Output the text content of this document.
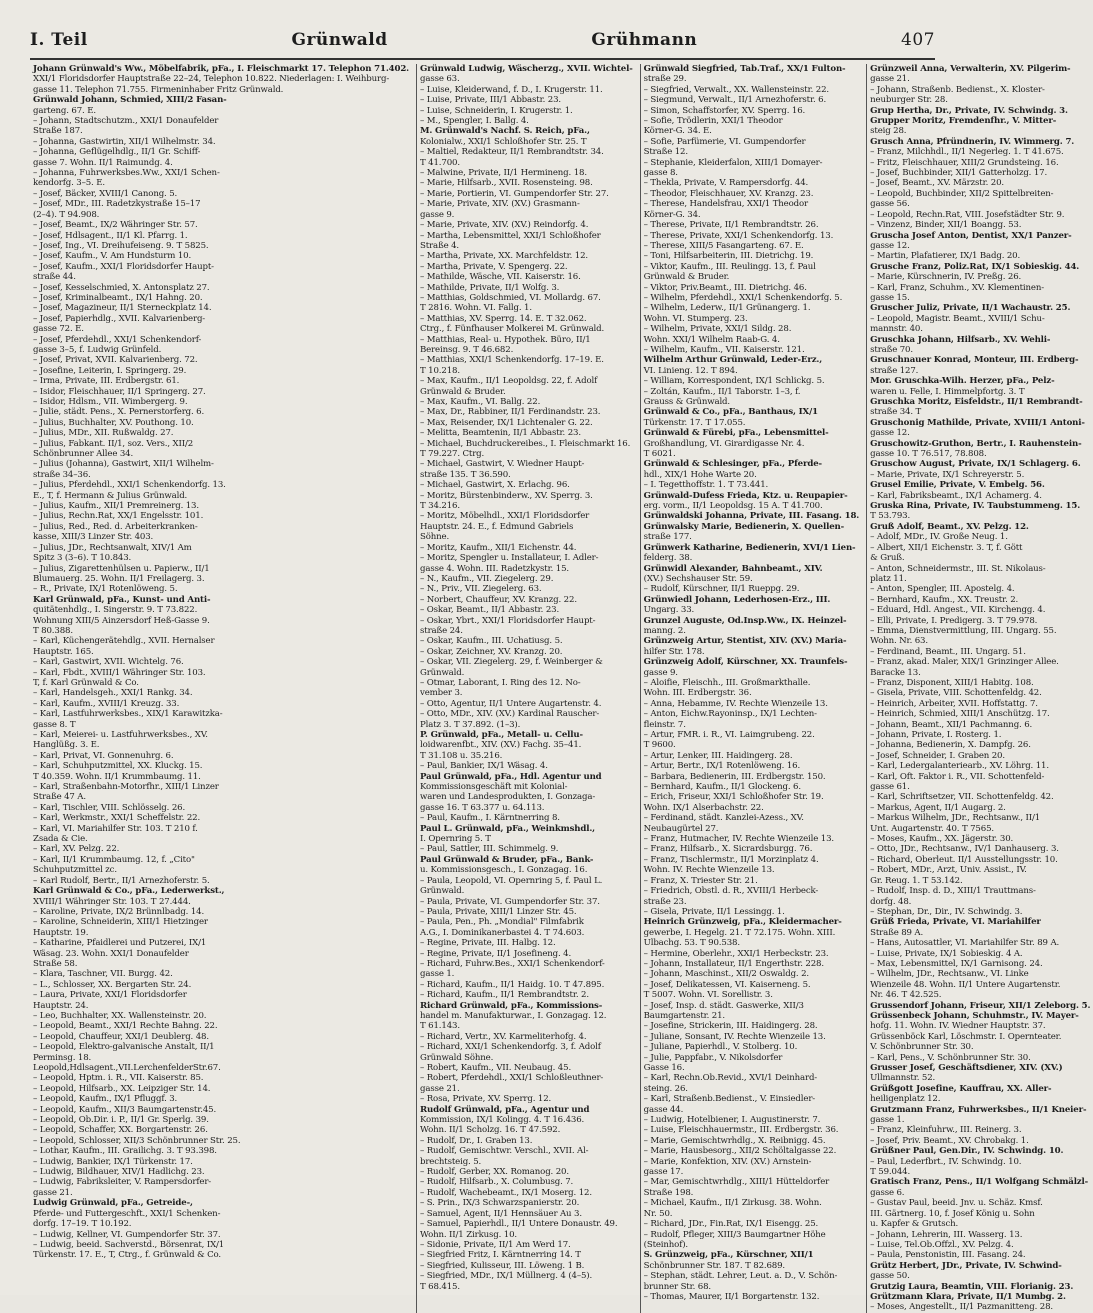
I. Teil	Grünwald	Grühmann	407

Johann Grünwald's Ww., Möbelfabrik, pFa., I. Fleischmarkt 17. Telephon 71.402.

XXI/1 Floridsdorfer Hauptstraße 22–24, Telephon 10.822. Niederlagen: I. Weihburg-

gasse 11. Telephon 71.755. Firmeninhaber Fritz Grünwald.

Grünwald Johann, Schmied, XIII/2 Fasan-

garteng. 67. E.

– Johann, Stadtschutzm., XXI/1 Donaufelder

Straße 187.

– Johanna, Gastwirtin, XII/1 Wilhelmstr. 34.

– Johanna, Geflügelhdlg., II/1 Gr. Schiff-

gasse 7. Wohn. II/1 Raimundg. 4.

– Johanna, Fuhrwerksbes.Ww., XXI/1 Schen-

kendorfg. 3–5. E.

– Josef, Bäcker, XVIII/1 Canong. 5.

– Josef, MDr., III. Radetzkystraße 15–17

(2–4). T 94.908.

– Josef, Beamt., IX/2 Währinger Str. 57.

– Josef, Hdlsagent., II/1 Kl. Pfarrg. 1.

– Josef, Ing., VI. Dreihufeiseng. 9. T 5825.

– Josef, Kaufm., V. Am Hundsturm 10.

– Josef, Kaufm., XXI/1 Floridsdorfer Haupt-

straße 44.

– Josef, Kesselschmied, X. Antonsplatz 27.

– Josef, Kriminalbeamt., IX/1 Hahng. 20.

– Josef, Magazineur, II/1 Sterneckplatz 14.

– Josef, Papierhdlg., XVII. Kalvarienberg-

gasse 72. E.

– Josef, Pferdehdl., XXI/1 Schenkendorf-

gasse 3–5, f. Ludwig Grünfeld.

– Josef, Privat, XVII. Kalvarienberg. 72.

– Josefine, Leiterin, I. Springerg. 29.

– Irma, Private, III. Erdbergstr. 61.

– Isidor, Fleischhauer, II/1 Springerg. 27.

– Isidor, Hdlsm., VII. Wimbergerg. 9.

– Julie, städt. Pens., X. Pernerstorferg. 6.

– Julius, Buchhalter, XV. Pouthong. 10.

– Julius, MDr., XII. Rußwaldg. 27.

– Julius, Fabkant. II/1, soz. Vers., XII/2

Schönbrunner Allee 34.

– Julius (Johanna), Gastwirt, XII/1 Wilhelm-

straße 34–36.

– Julius, Pferdehdl., XXI/1 Schenkendorfg. 13.

E., T, f. Hermann & Julius Grünwald.

– Julius, Kaufm., XII/1 Premreinerg. 13.

– Julius, Rechn.Rat, XX/1 Engelsstr. 101.

– Julius, Red., Red. d. Arbeiterkranken-

kasse, XIII/3 Linzer Str. 403.

– Julius, JDr., Rechtsanwalt, XIV/1 Am

Spitz 3 (3–6). T 10.843.

– Julius, Zigarettenhülsen u. Papierw., II/1

Blumauerg. 25. Wohn. II/1 Freilagerg. 3.

– R., Private, IX/1 Rotenlöweng. 5.

Karl Grünwald, pFa., Kunst- und Anti-

quitätenhdlg., I. Singerstr. 9. T 73.822.

Wohnung XIII/5 Ainzersdorf Heß-Gasse 9.

T 80.388.

– Karl, Küchengerätehdlg., XVII. Hernalser

Hauptstr. 165.

– Karl, Gastwirt, XVII. Wichtelg. 76.

– Karl, Fbdt., XVIII/1 Währinger Str. 103.

T, f. Karl Grünwald & Co.

– Karl, Handelsgeh., XXI/1 Rankg. 34.

– Karl, Kaufm., XVIII/1 Kreuzg. 33.

– Karl, Lastfuhrwerksbes., XIX/1 Karawitzka-

gasse 8. T

– Karl, Meierei- u. Lastfuhrwerksbes., XV.

Hanglüßg. 3. E.

– Karl, Privat, VI. Gonnenuhrg. 6.

– Karl, Schuhputzmittel, XX. Kluckg. 15.

T 40.359. Wohn. II/1 Krummbaumg. 11.

– Karl, Straßenbahn-Motorfhr., XIII/1 Linzer

Straße 47 A.

– Karl, Tischler, VIII. Schlösselg. 26.

– Karl, Werkmstr., XXI/1 Scheffelstr. 22.

– Karl, VI. Mariahilfer Str. 103. T 210 f.

Zsada & Cie.

– Karl, XV. Pelzg. 22.

– Karl, II/1 Krummbaumg. 12, f. „Cito"

Schuhputzmittel zc.

– Karl Rudolf, Bertr., II/1 Arnezhoferstr. 5.

Karl Grünwald & Co., pFa., Lederwerkst.,

XVIII/1 Währinger Str. 103. T 27.444.

– Karoline, Private, IX/2 Brünnlbadg. 14.

– Karoline, Schneiderin, XIII/1 Hietzinger

Hauptstr. 19.

– Katharine, Pfaidlerei und Putzerei, IX/1

Wäsag. 23. Wohn. XXI/1 Donaufelder

Straße 58.

– Klara, Taschner, VII. Burgg. 42.

– L., Schlosser, XX. Bergarten Str. 24.

– Laura, Private, XXI/1 Floridsdorfer

Hauptstr. 24.

– Leo, Buchhalter, XX. Wallensteinstr. 20.

– Leopold, Beamt., XXI/1 Rechte Bahng. 22.

– Leopold, Chauffeur, XXI/1 Deublerg. 48.

– Leopold, Elektro-galvanische Anstalt, II/1

Perminsg. 18.

Leopold,Hdlsagent.,VII.LerchenfelderStr.67.

– Leopold, Hptm. i. R., VII. Kaiserstr. 85.

– Leopold, Hilfsarb., XX. Leipziger Str. 14.

– Leopold, Kaufm., IX/1 Pfluggf. 3.

– Leopold, Kaufm., XII/3 Baumgartenstr.45.

– Leopold, Ob.Dir. i. P., II/1 Gr. Sperlg. 39.

– Leopold, Schaffer, XX. Borgartenstr. 26.

– Leopold, Schlosser, XII/3 Schönbrunner Str. 25.

– Lothar, Kaufm., III. Grailichg. 3. T 93.398.

– Ludwig, Bankier, IX/1 Türkenstr. 17.

– Ludwig, Bildhauer, XIV/1 Hadlichg. 23.

– Ludwig, Fabriksleiter, V. Rampersdorfer-

gasse 21.

Ludwig Grünwald, pFa., Getreide-,

Pferde- und Futtergeschft., XXI/1 Schenken-

dorfg. 17–19. T 10.192.

– Ludwig, Kellner, VI. Gumpendorfer Str. 37.

– Ludwig, beeid. Sachverstd., Börsenrat, IX/1

Türkenstr. 17. E., T, Ctrg., f. Grünwald & Co.

Grünwald Ludwig, Wäscherzg., XVII. Wichtel-

gasse 63.

– Luise, Kleiderwand, f. D., I. Krugerstr. 11.

– Luise, Private, III/1 Abbastr. 23.

– Luise, Schneiderin, I. Krugerstr. 1.

– M., Spengler, I. Ballg. 4.

M. Grünwald's Nachf. S. Reich, pFa.,

Kolonialw., XXI/1 Schloßhofer Str. 25. T

– Maltiel, Redakteur, II/1 Rembrandtstr. 34.

T 41.700.

– Malwine, Private, II/1 Hermineng. 18.

– Marie, Hilfsarb., XVII. Rosensteing. 98.

– Marie, Portierin, VI. Gumpendorfer Str. 27.

– Marie, Private, XIV. (XV.) Grasmann-

gasse 9.

– Marie, Private, XIV. (XV.) Reindorfg. 4.

– Martha, Lebensmittel, XXI/1 Schloßhofer

Straße 4.

– Martha, Private, XX. Marchfeldstr. 12.

– Martha, Private, V. Spengerg. 22.

– Mathilde, Wäsche, VII. Kaiserstr. 16.

– Mathilde, Private, II/1 Wolfg. 3.

– Matthias, Goldschmied, VI. Mollardg. 67.

T 2816. Wohn. VI. Fallg. 1.

– Matthias, XV. Sperrg. 14. E. T 32.062.

Ctrg., f. Fünfhauser Molkerei M. Grünwald.

– Matthias, Real- u. Hypothek. Büro, II/1

Bereinsg. 9. T 46.682.

– Matthias, XXI/1 Schenkendorfg. 17–19. E.

T 10.218.

– Max, Kaufm., II/1 Leopoldsg. 22, f. Adolf

Grünwald & Bruder.

– Max, Kaufm., VI. Ballg. 22.

– Max, Dr., Rabbiner, II/1 Ferdinandstr. 23.

– Max, Reisender, IX/1 Lichtenaler G. 22.

– Melitta, Beamtenin, II/1 Abbastr. 23.

– Michael, Buchdruckereibes., I. Fleischmarkt 16.

T 79.227. Ctrg.

– Michael, Gastwirt, V. Wiedner Haupt-

straße 135. T 36.590.

– Michael, Gastwirt, X. Erlachg. 96.

– Moritz, Bürstenbinderw., XV. Sperrg. 3.

T 34.216.

– Moritz, Möbelhdl., XXI/1 Floridsdorfer

Hauptstr. 24. E., f. Edmund Gabriels

Söhne.

– Moritz, Kaufm., XII/1 Eichenstr. 44.

– Moritz, Spengler u. Installateur, I. Adler-

gasse 4. Wohn. III. Radetzkystr. 15.

– N., Kaufm., VII. Ziegelerg. 29.

– N., Priv., VII. Ziegelerg. 63.

– Norbert, Chauffeur, XV. Kranzg. 22.

– Oskar, Beamt., II/1 Abbastr. 23.

– Oskar, Ybrt., XXI/1 Floridsdorfer Haupt-

straße 24.

– Oskar, Kaufm., III. Uchatiusg. 5.

– Oskar, Zeichner, XV. Kranzg. 20.

– Oskar, VII. Ziegelerg. 29, f. Weinberger &

Grünwald.

– Otmar, Laborant, I. Ring des 12. No-

vember 3.

– Otto, Agentur, II/1 Untere Augartenstr. 4.

– Otto, MDr., XIV. (XV.) Kardinal Rauscher-

Platz 3. T 37.892. (1–3).

P. Grünwald, pFa., Metall- u. Cellu-

loidwarenfbt., XIV. (XV.) Fachg. 35–41.

T 31.108 u. 35.216.

– Paul, Bankier, IX/1 Wäsag. 4.

Paul Grünwald, pFa., Hdl. Agentur und

Kommissionsgeschäft mit Kolonial-

waren und Landesprodukten, I. Gonzaga-

gasse 16. T 63.377 u. 64.113.

– Paul, Kaufm., I. Kärntnerring 8.

Paul L. Grünwald, pFa., Weinkmshdl.,

I. Opernring 5. T

– Paul, Sattler, III. Schimmelg. 9.

Paul Grünwald & Bruder, pFa., Bank-

u. Kommissionsgesch., I. Gonzagag. 16.

– Paula, Leopold, VI. Opernring 5, f. Paul L.

Grünwald.

– Paula, Private, VI. Gumpendorfer Str. 37.

– Paula, Private, XIII/1 Linzer Str. 45.

– Paula, Pen., Ph. „Mondial" Filmfabrik

A.G., I. Dominikanerbastei 4. T 74.603.

– Regine, Private, III. Halbg. 12.

– Regine, Private, II/1 Josefineng. 4.

– Richard, Fuhrw.Bes., XXI/1 Schenkendorf-

gasse 1.

– Richard, Kaufm., II/1 Haidg. 10. T 47.895.

– Richard, Kaufm., II/1 Rembrandtstr. 2.

Richard Grünwald, pFa., Kommissions-

handel m. Manufakturwar., I. Gonzagag. 12.

T 61.143.

– Richard, Vertr., XV. Karmeliterhofg. 4.

– Richard, XXI/1 Schenkendorfg. 3, f. Adolf

Grünwald Söhne.

– Robert, Kaufm., VII. Neubaug. 45.

– Robert, Pferdehdl., XXI/1 Schloßleuthner-

gasse 21.

– Rosa, Private, XV. Sperrg. 12.

Rudolf Grünwald, pFa., Agentur und

Kommission, IX/1 Kolingg. 4. T 16.436.

Wohn. II/1 Scholzg. 16. T 47.592.

– Rudolf, Dr., I. Graben 13.

– Rudolf, Gemischtwr. Verschl., XVII. Al-

brechtsteig. 5.

– Rudolf, Gerber, XX. Romanog. 20.

– Rudolf, Hilfsarb., X. Columbusg. 7.

– Rudolf, Wachebeamt., IX/1 Moserg. 12.

– S. Prin., IX/3 Schwarzspanierstr. 20.

– Samuel, Agent, II/1 Hennsäuer Au 3.

– Samuel, Papierhdl., II/1 Untere Donaustr. 49.

Wohn. II/1 Zirkusg. 10.

– Sidonie, Private, II/1 Am Werd 17.

– Siegfried Fritz, I. Kärntnerring 14. T

– Siegfried, Kulisseur, III. Löweng. 1 B.

– Siegfried, MDr., IX/1 Müllnerg. 4 (4–5).

T 68.415.

Grünwald Siegfried, Tab.Traf., XX/1 Fulton-

straße 29.

– Siegfried, Verwalt., XX. Wallensteinstr. 22.

– Siegmund, Verwalt., II/1 Arnezhoferstr. 6.

– Simon, Schaffstorfer, XV. Sperrg. 16.

– Sofie, Trödlerin, XXI/1 Theodor

Körner-G. 34. E.

– Sofie, Parfümerie, VI. Gumpendorfer

Straße 12.

– Stephanie, Kleiderfalon, XIII/1 Domayer-

gasse 8.

– Thekla, Private, V. Rampersdorfg. 44.

– Theodor, Fleischhauer, XV. Kranzg. 23.

– Therese, Handelsfrau, XXI/1 Theodor

Körner-G. 34.

– Therese, Private, II/1 Rembrandtstr. 26.

– Therese, Private, XXI/1 Schenkendorfg. 13.

– Therese, XIII/5 Fasangarteng. 67. E.

– Toni, Hilfsarbeiterin, III. Dietrichg. 19.

– Viktor, Kaufm., III. Reulingg. 13, f. Paul

Grünwald & Bruder.

– Viktor, Priv.Beamt., III. Dietrichg. 46.

– Wilhelm, Pferdehdl., XXI/1 Schenkendorfg. 5.

– Wilhelm, Lederw., II/1 Grünangerg. 1.

Wohn. VI. Stumperg. 23.

– Wilhelm, Private, XXI/1 Sildg. 28.

Wohn. XXI/1 Wilhelm Raab-G. 4.

– Wilhelm, Kaufm., VII. Kaiserstr. 121.

Wilhelm Arthur Grünwald, Leder-Erz.,

VI. Linieng. 12. T 894.

– William, Korrespondent, IX/1 Schlickg. 5.

– Zoltán, Kaufm., II/1 Taborstr. 1–3, f.

Grauss & Grünwald.

Grünwald & Co., pFa., Banthaus, IX/1

Türkenstr. 17. T 17.055.

Grünwald & Fürebi, pFa., Lebensmittel-

Großhandlung, VI. Girardigasse Nr. 4.

T 6021.

Grünwald & Schlesinger, pFa., Pferde-

hdl., XIX/1 Hohe Warte 20.

– I. Tegetthoffstr. 1. T 73.441.

Grünwald-Dufess Frieda, Ktz. u. Reupapier-

erg. vorm., II/1 Leopoldsg. 15 A. T 41.700.

Grünwaldski Johanna, Private, III. Fasang. 18.

Grünwalsky Marie, Bedienerin, X. Quellen-

straße 177.

Grünwerk Katharine, Bedienerin, XVI/1 Lien-

felderg. 38.

Grünwidl Alexander, Bahnbeamt., XIV.

(XV.) Sechshauser Str. 59.

– Rudolf, Kürschner, II/1 Rueppg. 29.

Grünwiedl Johann, Lederhosen-Erz., III.

Ungarg. 33.

Grunzel Auguste, Od.Insp.Ww., IX. Heinzel-

manng. 2.

Grünzweig Artur, Stentist, XIV. (XV.) Maria-

hilfer Str. 178.

Grünzweig Adolf, Kürschner, XX. Traunfels-

gasse 9.

– Aloifie, Fleischh., III. Großmarkthalle.

Wohn. III. Erdbergstr. 36.

– Anna, Hebamme, IV. Rechte Wienzeile 13.

– Anton, Eichw.Rayoninsp., IX/1 Lechten-

fleinstr. 7.

– Artur, FMR. i. R., VI. Laimgrubeng. 22.

T 9600.

– Artur, Lenker, III. Haidingerg. 28.

– Artur, Bertr., IX/1 Rotenlöweng. 16.

– Barbara, Bedienerin, III. Erdbergstr. 150.

– Bernhard, Kaufm., II/1 Glockeng. 6.

– Erich, Friseur, XXI/1 Schloßhofer Str. 19.

Wohn. IX/1 Alserbachstr. 22.

– Ferdinand, städt. Kanzlei-Azess., XV.

Neubaugürtel 27.

– Franz, Hutmacher, IV. Rechte Wienzeile 13.

– Franz, Hilfsarb., X. Sicrardsburgg. 76.

– Franz, Tischlermstr., II/1 Morzinplatz 4.

Wohn. IV. Rechte Wienzeile 13.

– Franz, X. Triester Str. 21.

– Friedrich, Obstl. d. R., XVIII/1 Herbeck-

straße 23.

– Gisela, Private, II/1 Lessingg. 1.

Heinrich Grünzweig, pFa., Kleidermacher-

gewerbe, I. Hegelg. 21. T 72.175. Wohn. XIII.

Ulbachg. 53. T 90.538.

– Hermine, Oberlehr., XXI/1 Herbeckstr. 23.

– Johann, Installateur, II/1 Engerthstr. 228.

– Johann, Maschinst., XII/2 Oswaldg. 2.

– Josef, Delikatessen, VI. Kaiserneng. 5.

T 5007. Wohn. VI. Sorellistr. 3.

– Josef, Insp. d. städt. Gaswerke, XII/3

Baumgartenstr. 21.

– Josefine, Strickerin, III. Haidingerg. 28.

– Juliane, Sonsant, IV. Rechte Wienzeile 13.

– Juliane, Papierhdl., V. Stolberg. 10.

– Julie, Pappfabr., V. Nikolsdorfer

Gasse 16.

– Karl, Rechn.Ob.Revid., XVI/1 Deinhard-

steing. 26.

– Karl, Straßenb.Bedienst., V. Einsiedler-

gasse 44.

– Ludwig, Hotelbiener, I. Augustinerstr. 7.

– Luise, Fleischhauermstr., III. Erdbergstr. 36.

– Marie, Gemischtwrhdlg., X. Reibnigg. 45.

– Marie, Hausbesorg., XII/2 Schöltalgasse 22.

– Marie, Konfektion, XIV. (XV.) Arnstein-

gasse 17.

– Mar, Gemischtwrhdlg., XIII/1 Hütteldorfer

Straße 198.

– Michael, Kaufm., II/1 Zirkusg. 38. Wohn.

Nr. 50.

– Richard, JDr., Fin.Rat, IX/1 Eisengg. 25.

– Rudolf, Pfleger, XIII/3 Baumgartner Höhe

(Steinhof).

S. Grünzweig, pFa., Kürschner, XII/1

Schönbrunner Str. 187. T 82.689.

– Stephan, städt. Lehrer, Leut. a. D., V. Schön-

brunner Str. 68.

– Thomas, Maurer, II/1 Borgartenstr. 132.

Grünzweil Anna, Verwalterin, XV. Pilgerim-

gasse 21.

– Johann, Straßenb. Bedienst., X. Kloster-

neuburger Str. 28.

Grup Hertha, Dr., Private, IV. Schwindg. 3.

Grupper Moritz, Fremdenfhr., V. Mitter-

steig 28.

Grusch Anna, Pfründnerin, IV. Wimmerg. 7.

– Franz, Milchhdl., II/1 Negerleg. 1. T 41.675.

– Fritz, Fleischhauer, XIII/2 Grundsteing. 16.

– Josef, Buchbinder, XII/1 Gatterholzg. 17.

– Josef, Beamt., XV. Märzstr. 20.

– Leopold, Buchbinder, XII/2 Spittelbreiten-

gasse 56.

– Leopold, Rechn.Rat, VIII. Josefstädter Str. 9.

– Vinzenz, Binder, XII/1 Boangg. 53.

Gruscha Josef Anton, Dentist, XX/1 Panzer-

gasse 12.

– Martin, Plafatierer, IX/1 Badg. 20.

Grusche Franz, Poliz.Rat, IX/1 Sobieskig. 44.

– Marie, Kürschnerin, IV. Preßg. 26.

– Karl, Franz, Schuhm., XV. Klementinen-

gasse 15.

Gruscher Juliz, Private, II/1 Wachaustr. 25.

– Leopold, Magistr. Beamt., XVIII/1 Schu-

mannstr. 40.

Gruschka Johann, Hilfsarb., XV. Wehli-

straße 70.

Gruschnauer Konrad, Monteur, III. Erdberg-

straße 127.

Mor. Gruschka-Wilh. Herzer, pFa., Pelz-

waren u. Felle, I. Himmelpfortg. 3. T

Gruschka Moritz, Eisfeldstr., II/1 Rembrandt-

straße 34. T

Gruschonig Mathilde, Private, XVIII/1 Antoni-

gasse 12.

Gruschowitz-Gruthon, Bertr., I. Rauhenstein-

gasse 10. T 76.517, 78.808.

Gruschow August, Private, IX/1 Schlagerg. 6.

– Marie, Private, IX/1 Schreyerstr. 5.

Grusel Emilie, Private, V. Embelg. 56.

– Karl, Fabriksbeamt., IX/1 Achamerg. 4.

Gruska Rina, Private, IV. Taubstummeng. 15.

T 53.793.

Gruß Adolf, Beamt., XV. Pelzg. 12.

– Adolf, MDr., IV. Große Neug. 1.

– Albert, XII/1 Eichenstr. 3. T, f. Gött

& Gruß.

– Anton, Schneidermstr., III. St. Nikolaus-

platz 11.

– Anton, Spengler, III. Apostelg. 4.

– Bernhard, Kaufm., XX. Treustr. 2.

– Eduard, Hdl. Angest., VII. Kirchengg. 4.

– Elli, Private, I. Predigerg. 3. T 79.978.

– Emma, Dienstvermittlung, III. Ungarg. 55.

Wohn. Nr. 63.

– Ferdinand, Beamt., III. Ungarg. 51.

– Franz, akad. Maler, XIX/1 Grinzinger Allee.

Baracke 13.

– Franz, Disponent, XIII/1 Habitg. 108.

– Gisela, Private, VIII. Schottenfeldg. 42.

– Heinrich, Arbeiter, XVII. Hoffstattg. 7.

– Heinrich, Schmied, XIII/1 Anschützg. 17.

– Johann, Beamt., XII/1 Pachmanng. 6.

– Johann, Private, I. Rosterg. 1.

– Johanna, Bedienerin, X. Dampfg. 26.

– Josef, Schneider, I. Graben 20.

– Karl, Ledergalanteriearb., XV. Löhrg. 11.

– Karl, Oft. Faktor i. R., VII. Schottenfeld-

gasse 61.

– Karl, Schriftsetzer, VII. Schottenfeldg. 42.

– Markus, Agent, II/1 Augarg. 2.

– Markus Wilhelm, JDr., Rechtsanw., II/1

Unt. Augartenstr. 40. T 7565.

– Moses, Kaufm., XX. Jägerstr. 30.

– Otto, JDr., Rechtsanw., IV/1 Danhauserg. 3.

– Richard, Oberleut. II/1 Ausstellungsstr. 10.

– Robert, MDr., Arzt, Univ. Assist., IV.

Gr. Reug. 1. T 53.142.

– Rudolf, Insp. d. D., XIII/1 Trauttmans-

dorfg. 48.

– Stephan, Dr., Dir., IV. Schwindg. 3.

Grüß Frieda, Private, VI. Mariahilfer

Straße 89 A.

– Hans, Autosattler, VI. Mariahilfer Str. 89 A.

– Luise, Private, IX/1 Sobieskig. 4 A.

– Max, Lebensmittel, IX/1 Garnisong. 24.

– Wilhelm, JDr., Rechtsanw., VI. Linke

Wienzeile 48. Wohn. II/1 Untere Augartenstr.

Nr. 46. T 42.525.

Grussendorf Johann, Friseur, XII/1 Zeleborg. 5.

Grüssenbeck Johann, Schuhmstr., IV. Mayer-

hofg. 11. Wohn. IV. Wiedner Hauptstr. 37.

Grüssenböck Karl, Löschmstr. I. Opernteater.

V. Schönbrunner Str. 30.

– Karl, Pens., V. Schönbrunner Str. 30.

Grusser Josef, Geschäftsdiener, XIV. (XV.)

Ullmannstr. 52.

Grüßgott Josefine, Kauffrau, XX. Aller-

heiligenplatz 12.

Grutzmann Franz, Fuhrwerksbes., II/1 Kneier-

gasse 1.

– Franz, Kleinfuhrw., III. Reinerg. 3.

– Josef, Priv. Beamt., XV. Chrobakg. 1.

Grüßner Paul, Gen.Dir., IV. Schwindg. 10.

– Paul, Lederfbrt., IV. Schwindg. 10.

T 59.044.

Gratisch Franz, Pens., II/1 Wolfgang Schmälzl-

gasse 6.

– Gustav Paul, beeid. Jnv. u. Schäz. Kmsf.

III. Gärtnerg. 10, f. Josef König u. Sohn

u. Kapfer & Grutsch.

– Johann, Lehrerin, III. Wasserg. 13.

– Luise, Tel.Ob.Offzl., XV. Pelzg. 4.

– Paula, Penstonistin, III. Fasang. 24.

Grütz Herbert, JDr., Private, IV. Schwind-

gasse 50.

Grutzig Laura, Beamtin, VIII. Florianig. 23.

Grützmann Klara, Private, II/1 Mumbg. 2.

– Moses, Angestellt., II/1 Pazmanitteng. 28.
